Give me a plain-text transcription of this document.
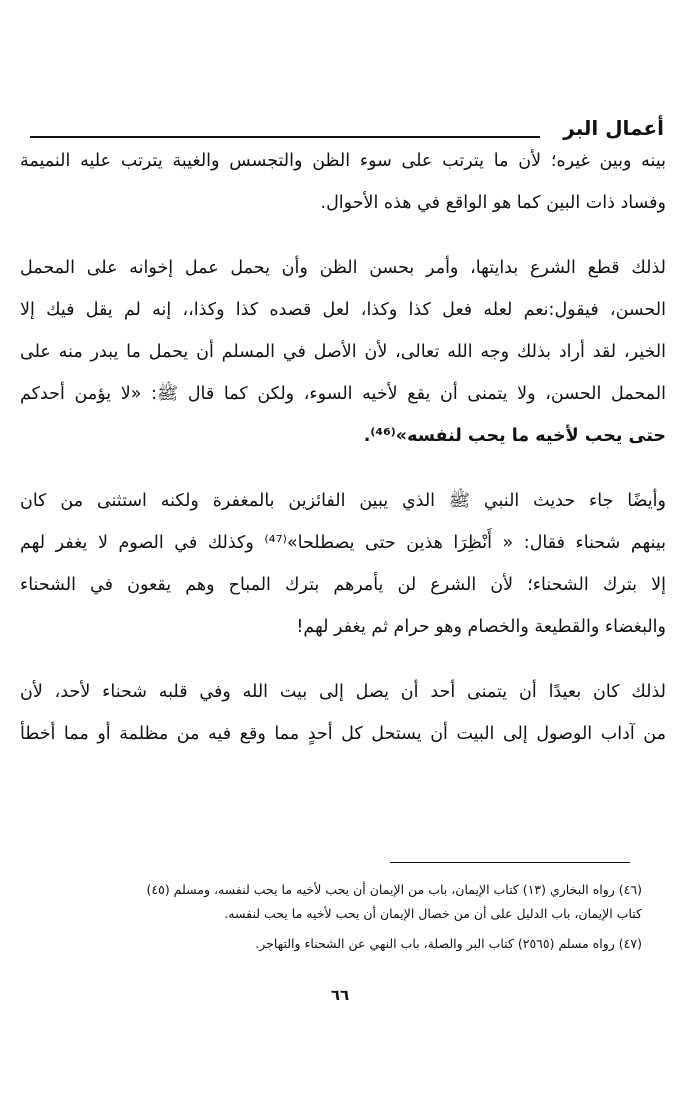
أعمال البر
بينه وبين غيره؛ لأن ما يترتب على سوء الظن والتجسس والغيبة يترتب عليه النميمة
وفساد ذات البين كما هو الواقع في هذه الأحوال.
لذلك قطع الشرع بدايتها، وأمر بحسن الظن وأن يحمل عمل إخوانه على المحمل
الحسن، فيقول:نعم لعله فعل كذا وكذا، لعل قصده كذا وكذا،، إنه لم يقل فيك إلا
الخير، لقد أراد بذلك وجه الله تعالى، لأن الأصل في المسلم أن يحمل ما يبدر منه على
المحمل الحسن، ولا يتمنى أن يقع لأخيه السوء، ولكن كما قال ﷺ: «لا يؤمن أحدكم
حتى يحب لأخيه ما يحب لنفسه»⁽⁴⁶⁾.
وأيضًا جاء حديث النبي ﷺ الذي يبين الفائزين بالمغفرة ولكنه استثنى من كان
بينهم شحناء فقال: « أَنْظِرَا هذين حتى يصطلحا»⁽⁴⁷⁾ وكذلك في الصوم لا يغفر لهم
إلا بترك الشحناء؛ لأن الشرع لن يأمرهم بترك المباح وهم يقعون في الشحناء
والبغضاء والقطيعة والخصام وهو حرام ثم يغفر لهم!
لذلك كان بعيدًا أن يتمنى أحد أن يصل إلى بيت الله وفي قلبه شحناء لأحد، لأن
من آداب الوصول إلى البيت أن يستحل كل أحدٍ مما وقع فيه من مظلمة أو مما أخطأ
(٤٦) رواه البخاري (١٣) كتاب الإيمان، باب من الإيمان أن يحب لأخيه ما يحب لنفسه، ومسلم (٤٥)
كتاب الإيمان، باب الدليل على أن من خصال الإيمان أن يحب لأخيه ما يحب لنفسه.
(٤٧) رواه مسلم (٢٥٦٥) كتاب البر والصلة، باب النهي عن الشحناء والتهاجر.
٦٦
